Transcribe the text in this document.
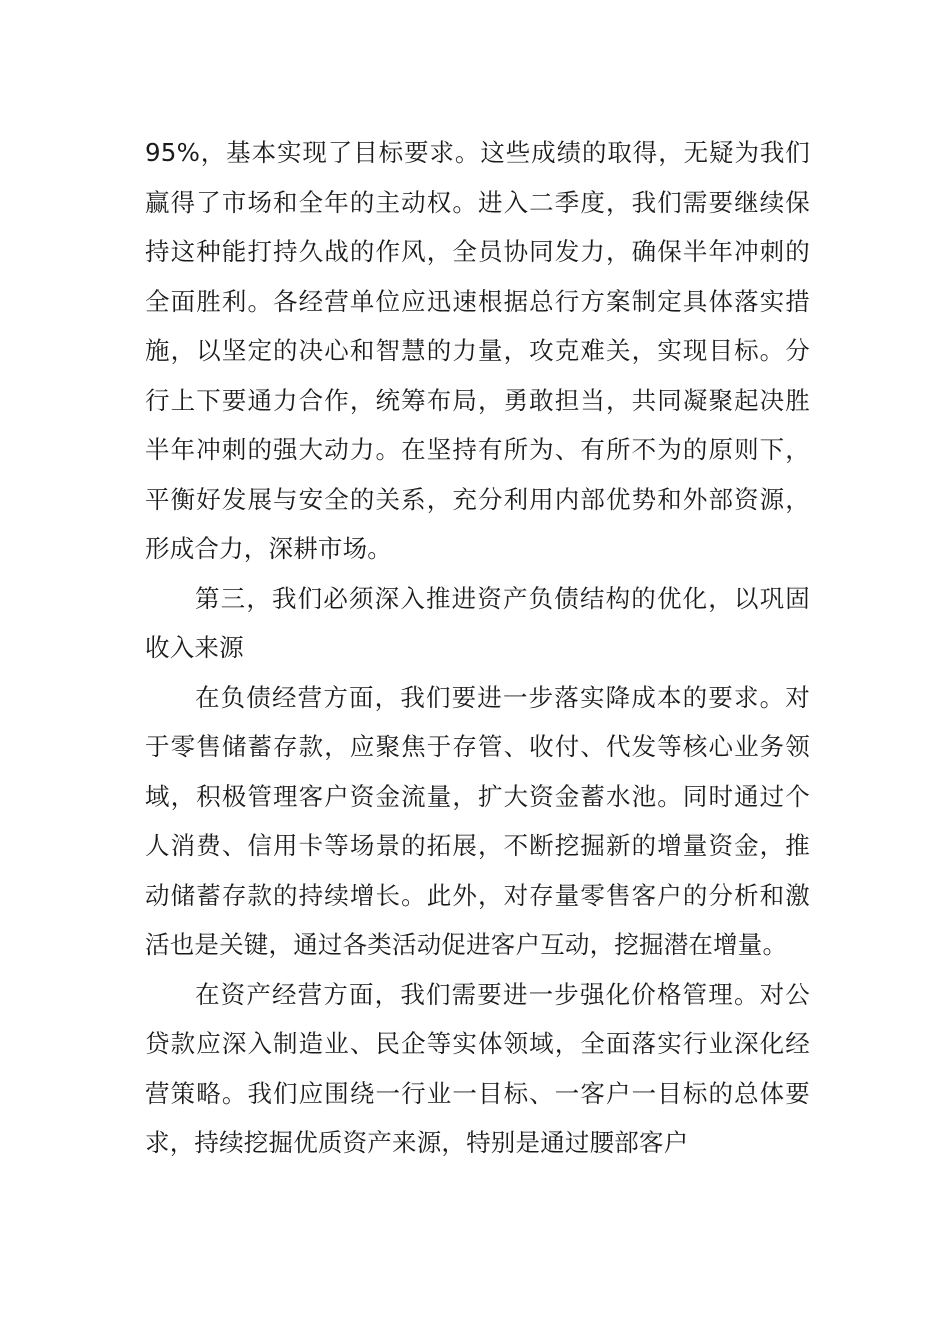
95%，基本实现了目标要求。这些成绩的取得，无疑为我们赢得了市场和全年的主动权。进入二季度，我们需要继续保持这种能打持久战的作风，全员协同发力，确保半年冲刺的全面胜利。各经营单位应迅速根据总行方案制定具体落实措施，以坚定的决心和智慧的力量，攻克难关，实现目标。分行上下要通力合作，统筹布局，勇敢担当，共同凝聚起决胜半年冲刺的强大动力。在坚持有所为、有所不为的原则下，平衡好发展与安全的关系，充分利用内部优势和外部资源，形成合力，深耕市场。

第三，我们必须深入推进资产负债结构的优化，以巩固收入来源

在负债经营方面，我们要进一步落实降成本的要求。对于零售储蓄存款，应聚焦于存管、收付、代发等核心业务领域，积极管理客户资金流量，扩大资金蓄水池。同时通过个人消费、信用卡等场景的拓展，不断挖掘新的增量资金，推动储蓄存款的持续增长。此外，对存量零售客户的分析和激活也是关键，通过各类活动促进客户互动，挖掘潜在增量。

在资产经营方面，我们需要进一步强化价格管理。对公贷款应深入制造业、民企等实体领域，全面落实行业深化经营策略。我们应围绕一行业一目标、一客户一目标的总体要求，持续挖掘优质资产来源，特别是通过腰部客户
